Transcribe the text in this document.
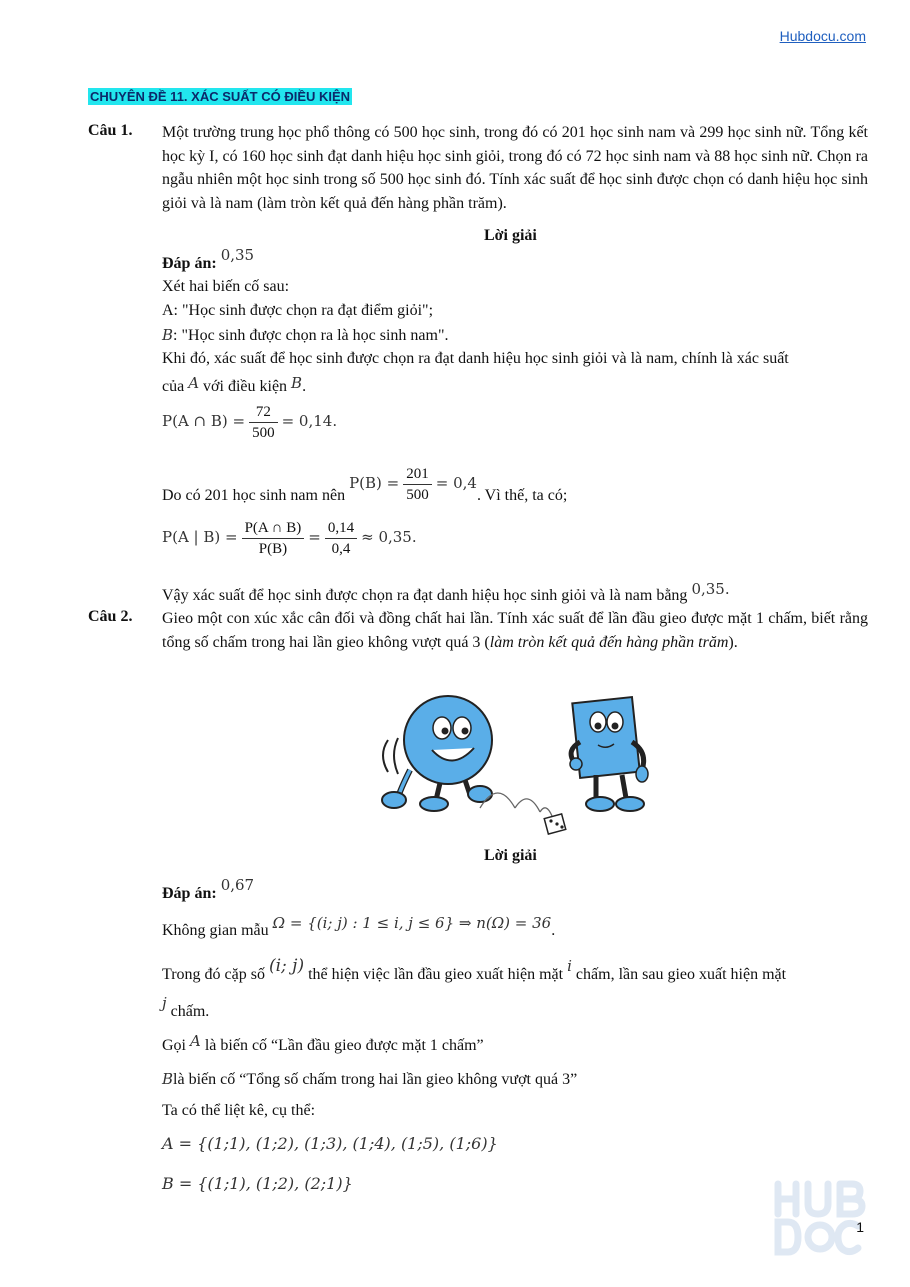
Hubdocu.com
CHUYÊN ĐỀ 11. XÁC SUẤT CÓ ĐIỀU KIỆN
Câu 1. Một trường trung học phổ thông có 500 học sinh, trong đó có 201 học sinh nam và 299 học sinh nữ. Tổng kết học kỳ I, có 160 học sinh đạt danh hiệu học sinh giỏi, trong đó có 72 học sinh nam và 88 học sinh nữ. Chọn ra ngẫu nhiên một học sinh trong số 500 học sinh đó. Tính xác suất để học sinh được chọn có danh hiệu học sinh giỏi và là nam (làm tròn kết quả đến hàng phần trăm).
Lời giải
Đáp án: 0,35
Xét hai biến cố sau:
A: "Học sinh được chọn ra đạt điểm giỏi";
B: "Học sinh được chọn ra là học sinh nam".
Khi đó, xác suất để học sinh được chọn ra đạt danh hiệu học sinh giỏi và là nam, chính là xác suất
của A với điều kiện B.
P(A ∩ $B) = \frac{72}{500} = 0,14$.
Do có 201 học sinh nam nên $P(B) = \frac{201}{500} = 0,4$. Vì thế, ta có;
P(A | $B) = \frac{P(A \cap B)}{P(B)} = \frac{0,14}{0,4} \approx 0,35$.
Vậy xác suất để học sinh được chọn ra đạt danh hiệu học sinh giỏi và là nam bằng 0,35.
Câu 2. Gieo một con xúc xắc cân đối và đồng chất hai lần. Tính xác suất để lần đầu gieo được mặt 1 chấm, biết rằng tổng số chấm trong hai lần gieo không vượt quá 3 (làm tròn kết quả đến hàng phần trăm).
Lời giải
Đáp án: 0,67
Không gian mẫu Ω = {(i; j) : 1 ≤ i, j ≤ 6} ⇒ n(Ω) = 36.
Trong đó cặp số (i; j) thể hiện việc lần đầu gieo xuất hiện mặt i chấm, lần sau gieo xuất hiện mặt
j chấm.
Gọi A là biến cố “Lần đầu gieo được mặt 1 chấm”
Blà biến cố “Tổng số chấm trong hai lần gieo không vượt quá 3”
Ta có thể liệt kê, cụ thể:
A = {(1;1), (1;2), (1;3), (1;4), (1;5), (1;6)}
B = {(1;1), (1;2), (2;1)}
1
